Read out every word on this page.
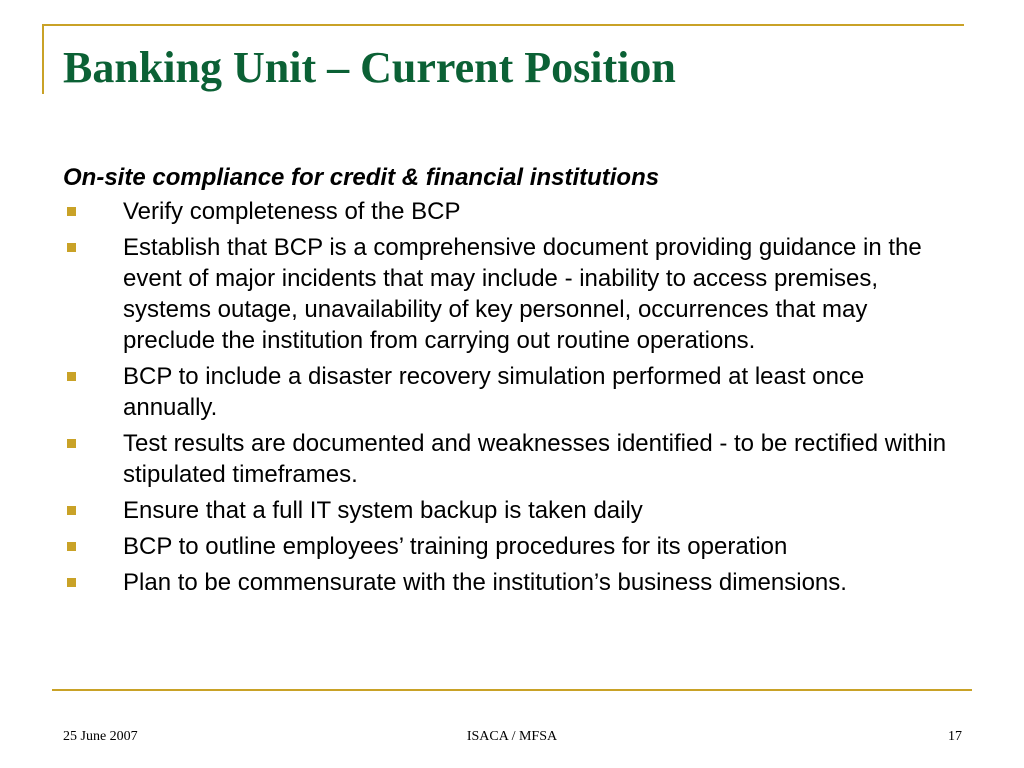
Banking Unit – Current Position

On-site compliance for credit & financial institutions

Verify completeness of the BCP
Establish that BCP is a comprehensive document providing guidance in the event of major incidents that may include - inability to access premises, systems outage, unavailability of key personnel, occurrences that may preclude the institution from carrying out routine operations.
BCP to include a disaster recovery simulation performed at least once annually.
Test results are documented and weaknesses identified - to be rectified within stipulated timeframes.
Ensure that a full IT system backup is taken daily
BCP to outline employees’ training procedures for its operation
Plan to be commensurate with the institution’s business dimensions.
25 June 2007	ISACA / MFSA	17
